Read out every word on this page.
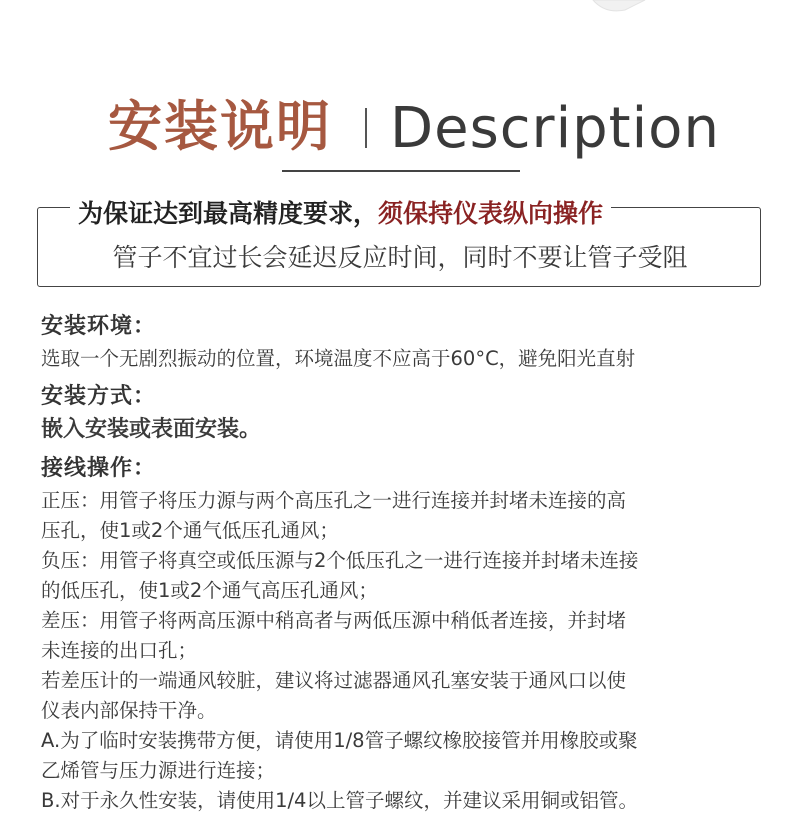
安装说明 Description
为保证达到最高精度要求，须保持仪表纵向操作
管子不宜过长会延迟反应时间，同时不要让管子受阻

安装环境：

选取一个无剧烈振动的位置，环境温度不应高于60°C，避免阳光直射

安装方式：

嵌入安装或表面安装。

接线操作：

正压：用管子将压力源与两个高压孔之一进行连接并封堵未连接的高

压孔，使1或2个通气低压孔通风；

负压：用管子将真空或低压源与2个低压孔之一进行连接并封堵未连接

的低压孔，使1或2个通气高压孔通风；

差压：用管子将两高压源中稍高者与两低压源中稍低者连接，并封堵

未连接的出口孔；

若差压计的一端通风较脏，建议将过滤器通风孔塞安装于通风口以使

仪表内部保持干净。

A.为了临时安装携带方便，请使用1/8管子螺纹橡胶接管并用橡胶或聚

乙烯管与压力源进行连接；

B.对于永久性安装，请使用1/4以上管子螺纹，并建议采用铜或铝管。
